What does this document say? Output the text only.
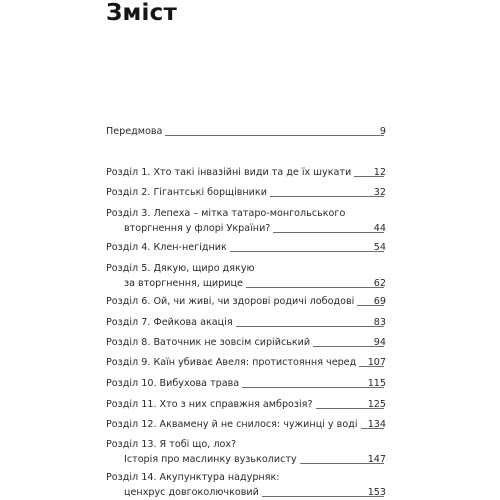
Зміст
Передмова	9
Розділ 1. Хто такі інвазійні види та де їх шукати	12
Розділ 2. Гігантські борщівники	32
Розділ 3. Лепеха – мітка татаро-монгольського
вторгнення у флорі України?	44
Розділ 4. Клен-негідник	54
Розділ 5. Дякую, щиро дякую
за вторгнення, щирице	62
Розділ 6. Ой, чи живі, чи здорові родичі лободові	69
Розділ 7. Фейкова акація	83
Розділ 8. Ваточник не зовсім сирійський	94
Розділ 9. Каїн убиває Авеля: протистояння черед	107
Розділ 10. Вибухова трава	115
Розділ 11. Хто з них справжня амброзія?	125
Розділ 12. Аквамену й не снилося: чужинці у воді	134
Розділ 13. Я тобі що, лох?
Історія про маслинку вузьколисту	147
Розділ 14. Акупунктура надурняк:
ценхрус довгоколючковий	153
